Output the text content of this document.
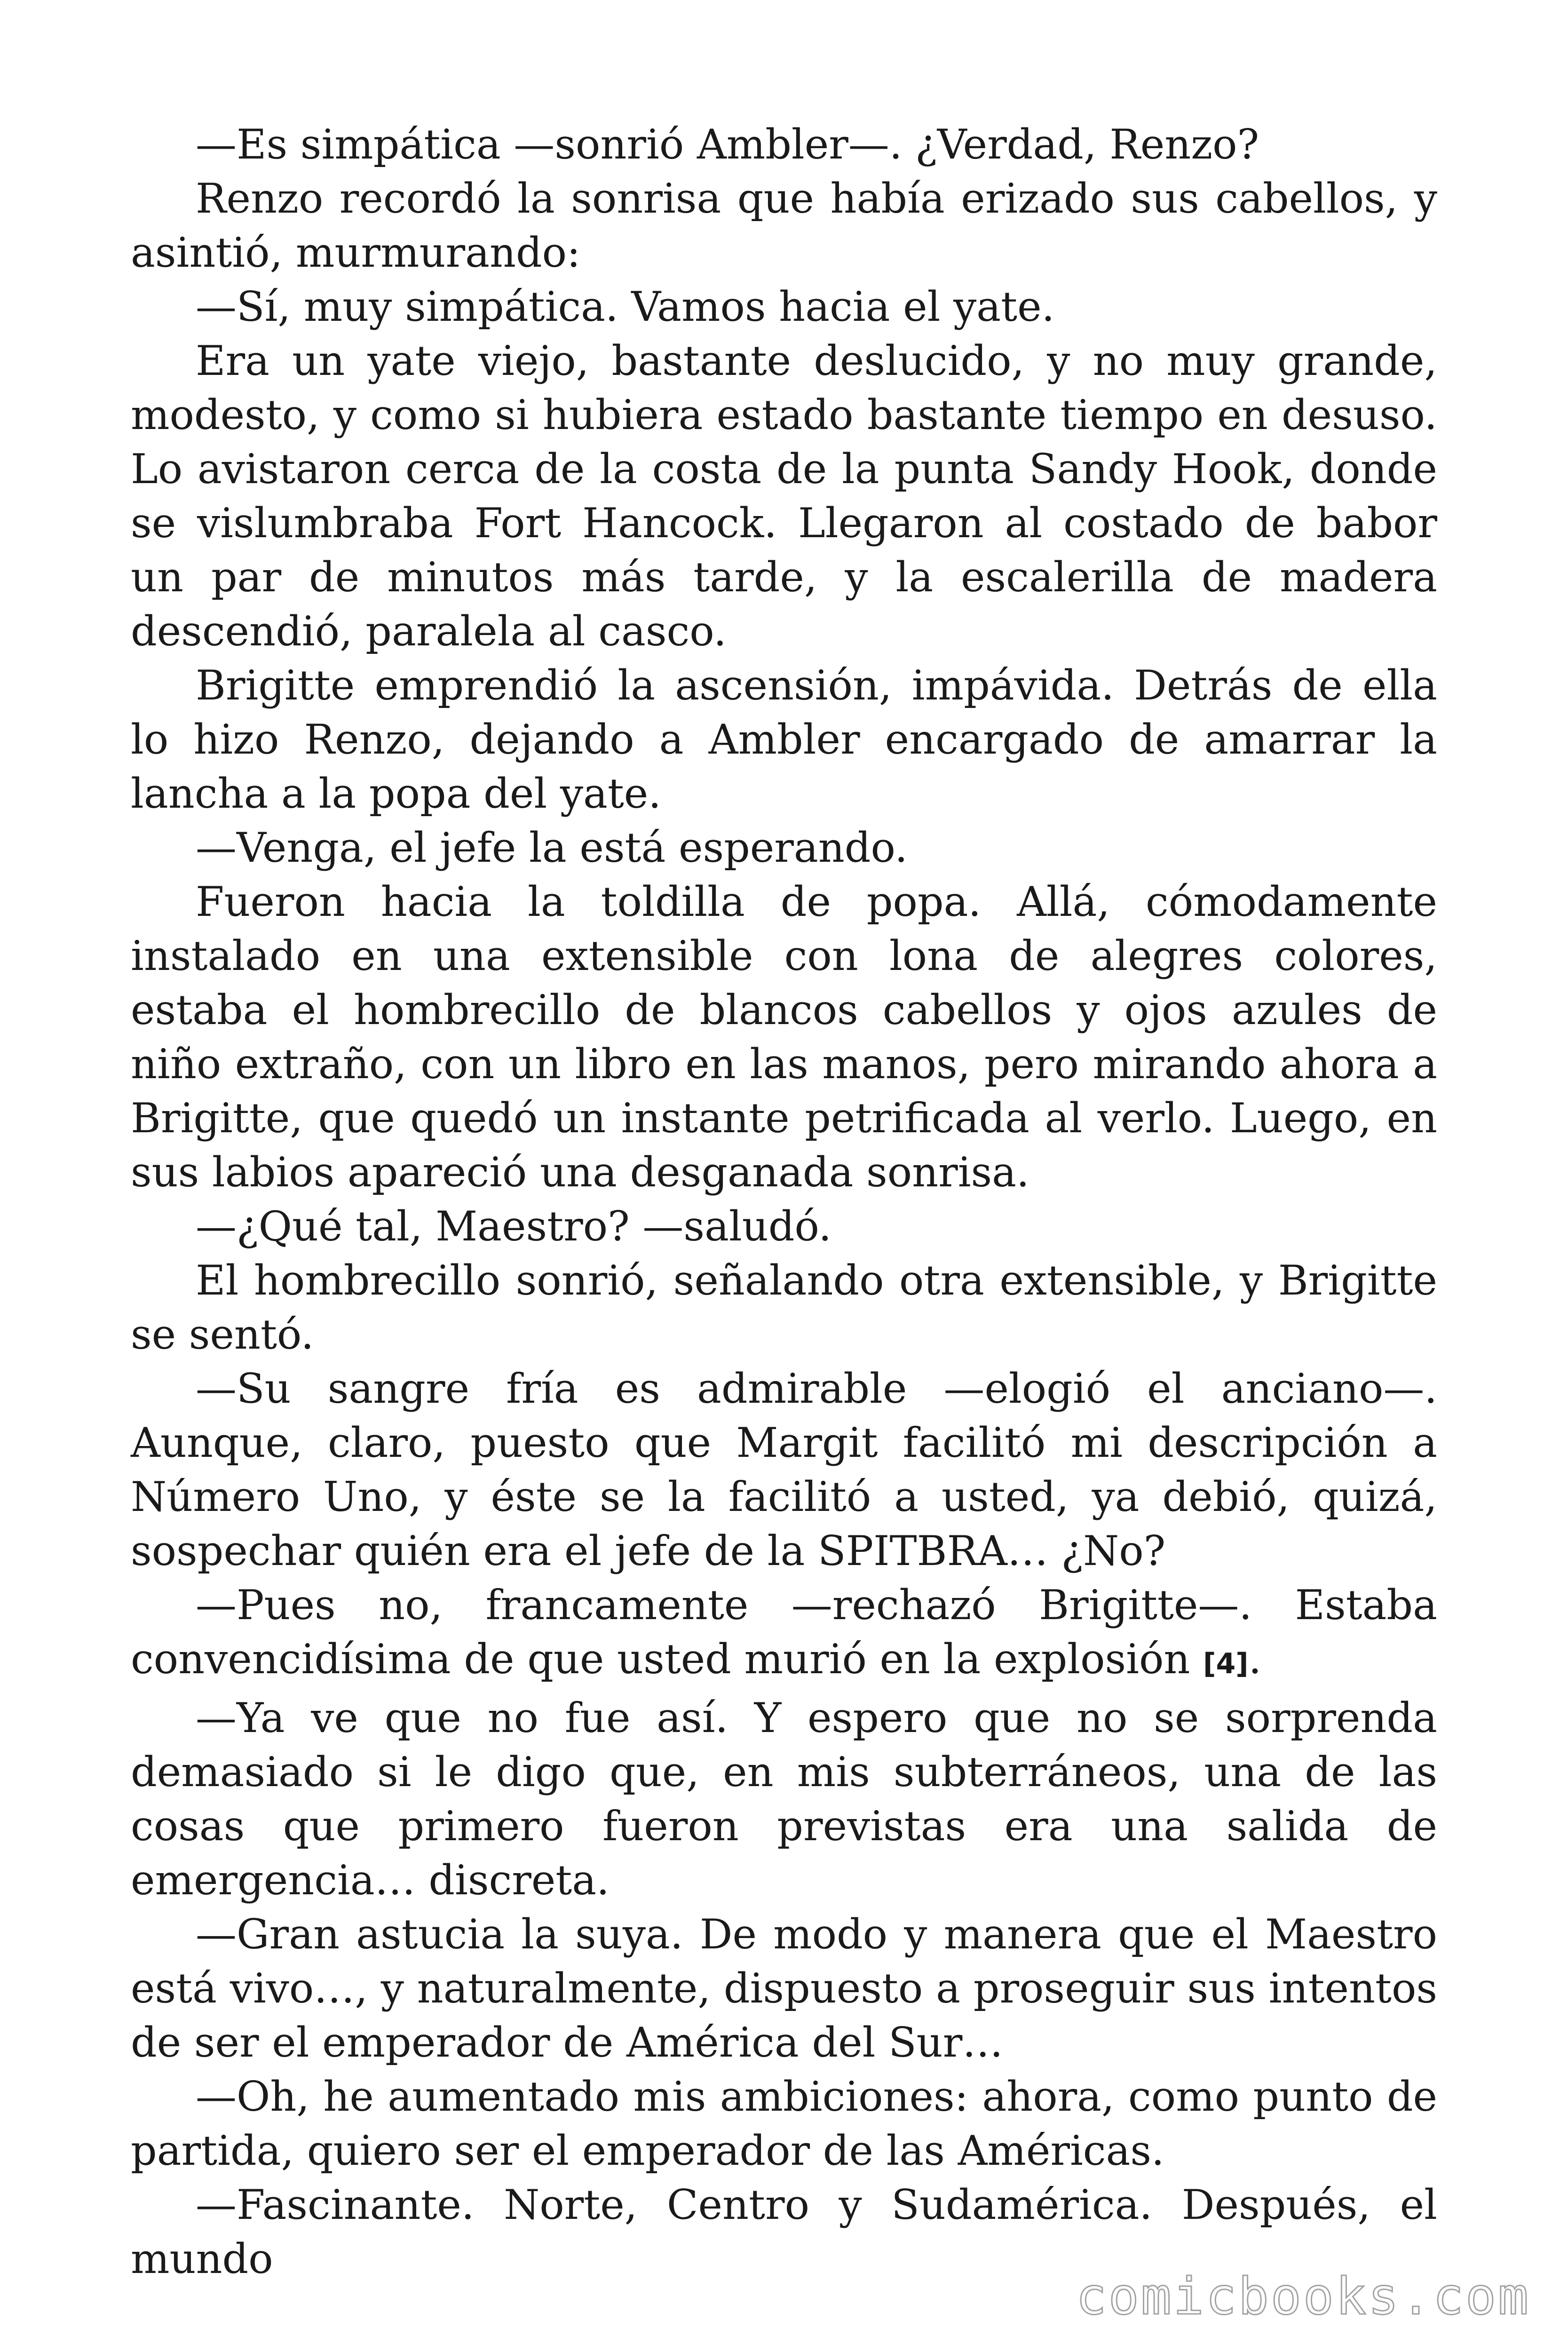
—Es simpática —sonrió Ambler—. ¿Verdad, Renzo?

Renzo recordó la sonrisa que había erizado sus cabellos, y asintió, murmurando:

—Sí, muy simpática. Vamos hacia el yate.

Era un yate viejo, bastante deslucido, y no muy grande, modesto, y como si hubiera estado bastante tiempo en desuso. Lo avistaron cerca de la costa de la punta Sandy Hook, donde se vislumbraba Fort Hancock. Llegaron al costado de babor un par de minutos más tarde, y la escalerilla de madera descendió, paralela al casco.

Brigitte emprendió la ascensión, impávida. Detrás de ella lo hizo Renzo, dejando a Ambler encargado de amarrar la lancha a la popa del yate.

—Venga, el jefe la está esperando.

Fueron hacia la toldilla de popa. Allá, cómodamente instalado en una extensible con lona de alegres colores, estaba el hombrecillo de blancos cabellos y ojos azules de niño extraño, con un libro en las manos, pero mirando ahora a Brigitte, que quedó un instante petrificada al verlo. Luego, en sus labios apareció una desganada sonrisa.

—¿Qué tal, Maestro? —saludó.

El hombrecillo sonrió, señalando otra extensible, y Brigitte se sentó.

—Su sangre fría es admirable —elogió el anciano—. Aunque, claro, puesto que Margit facilitó mi descripción a Número Uno, y éste se la facilitó a usted, ya debió, quizá, sospechar quién era el jefe de la SPITBRA… ¿No?

—Pues no, francamente —rechazó Brigitte—. Estaba convencidísima de que usted murió en la explosión [4].

—Ya ve que no fue así. Y espero que no se sorprenda demasiado si le digo que, en mis subterráneos, una de las cosas que primero fueron previstas era una salida de emergencia… discreta.

—Gran astucia la suya. De modo y manera que el Maestro está vivo…, y naturalmente, dispuesto a proseguir sus intentos de ser el emperador de América del Sur…

—Oh, he aumentado mis ambiciones: ahora, como punto de partida, quiero ser el emperador de las Américas.

—Fascinante. Norte, Centro y Sudamérica. Después, el mundo

comicbooks.com
